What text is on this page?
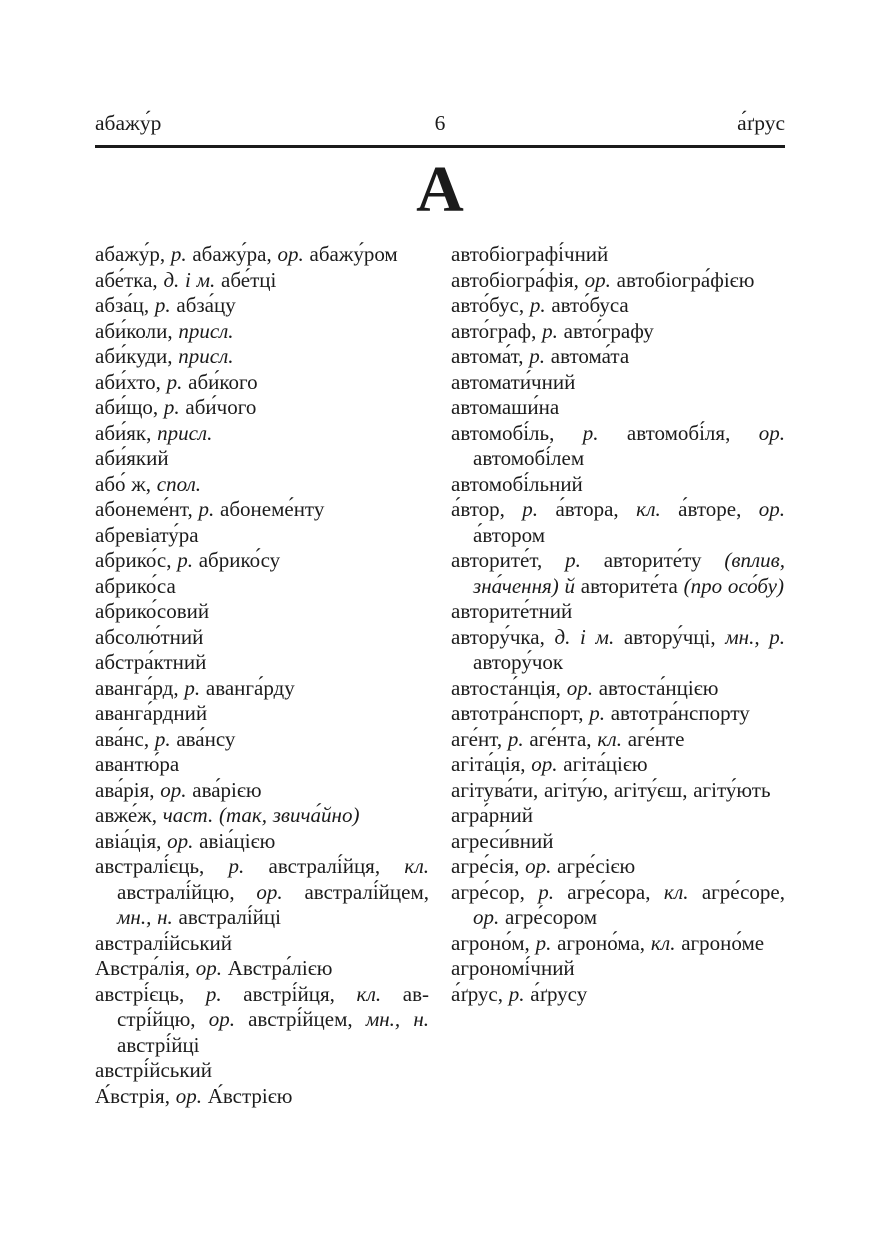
абажу́р	6	а́ґрус
А

абажу́р, р. абажу́ра, ор. абажу́ром

абе́тка, д. і м. абе́тці

абза́ц, р. абза́цу

аби́коли, присл.

аби́куди, присл.

аби́хто, р. аби́кого

аби́що, р. аби́чого

аби́як, присл.

аби́який

або́ ж, спол.

абонеме́нт, р. абонеме́нту

абревіату́ра

абрико́с, р. абрико́су

абрико́са

абрико́совий

абсолю́тний

абстра́ктний

аванга́рд, р. аванга́рду

аванга́рдний

ава́нс, р. ава́нсу

авантю́ра

ава́рія, ор. ава́рією

авже́ж, част. (так, звича́йно)

авіа́ція, ор. авіа́цією

австралі́єць, р. австралі́йця, кл. австралі́йцю, ор. австралі́йцем, мн., н. австралі́йці

австралі́йський

Австра́лія, ор. Австра́лією

австрі́єць, р. австрі́йця, кл. австрі́йцю, ор. австрі́йцем, мн., н. австрі́йці

австрі́йський

А́встрія, ор. А́встрією

автобіографі́чний

автобіогра́фія, ор. автобіогра́фією

авто́бус, р. авто́буса

авто́граф, р. авто́графу

автома́т, р. автома́та

автомати́чний

автомаши́на

автомобі́ль, р. автомобі́ля, ор. автомобі́лем

автомобі́льний

а́втор, р. а́втора, кл. а́вторе, ор. а́втором

авторите́т, р. авторите́ту (вплив, зна́чення) й авторите́та (про осо́бу)

авторите́тний

автору́чка, д. і м. автору́чці, мн., р. автору́чок

автоста́нція, ор. автоста́нцією

автотра́нспорт, р. автотра́нспорту

аге́нт, р. аге́нта, кл. аге́нте

агіта́ція, ор. агіта́цією

агітува́ти, агіту́ю, агіту́єш, агіту́ють

агра́рний

агреси́вний

агре́сія, ор. агре́сією

агре́сор, р. агре́сора, кл. агре́соре, ор. агре́сором

агроно́м, р. агроно́ма, кл. агроно́ме

агрономі́чний

а́ґрус, р. а́ґрусу
